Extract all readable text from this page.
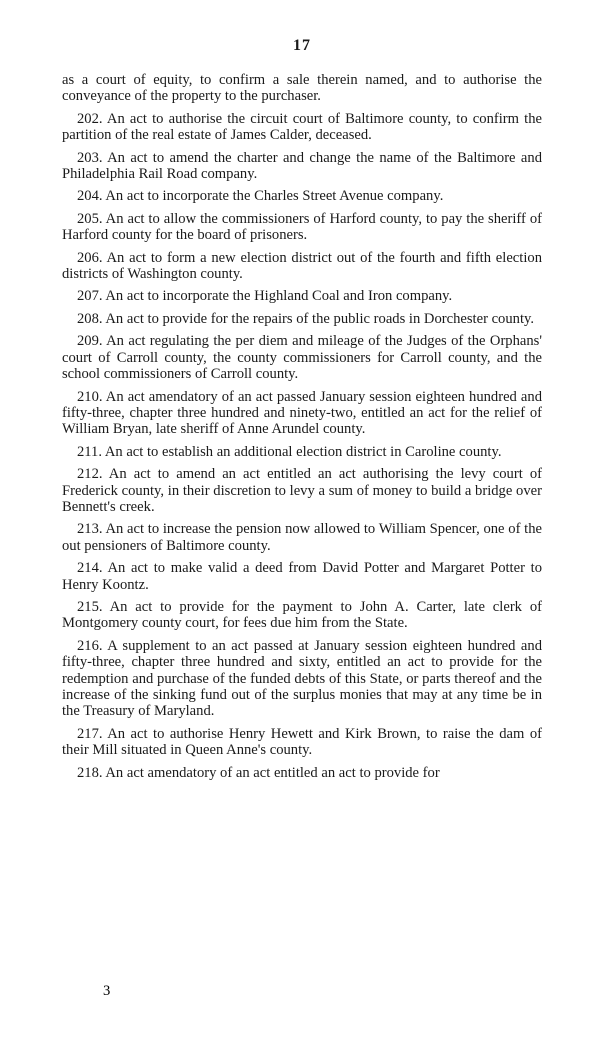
17

as a court of equity, to confirm a sale therein named, and to authorise the conveyance of the property to the purchaser.

202. An act to authorise the circuit court of Baltimore county, to confirm the partition of the real estate of James Calder, deceased.

203. An act to amend the charter and change the name of the Baltimore and Philadelphia Rail Road company.

204. An act to incorporate the Charles Street Avenue company.

205. An act to allow the commissioners of Harford county, to pay the sheriff of Harford county for the board of prisoners.

206. An act to form a new election district out of the fourth and fifth election districts of Washington county.

207. An act to incorporate the Highland Coal and Iron company.

208. An act to provide for the repairs of the public roads in Dorchester county.

209. An act regulating the per diem and mileage of the Judges of the Orphans' court of Carroll county, the county commissioners for Carroll county, and the school commissioners of Carroll county.

210. An act amendatory of an act passed January session eighteen hundred and fifty-three, chapter three hundred and ninety-two, entitled an act for the relief of William Bryan, late sheriff of Anne Arundel county.

211. An act to establish an additional election district in Caroline county.

212. An act to amend an act entitled an act authorising the levy court of Frederick county, in their discretion to levy a sum of money to build a bridge over Bennett's creek.

213. An act to increase the pension now allowed to William Spencer, one of the out pensioners of Baltimore county.

214. An act to make valid a deed from David Potter and Margaret Potter to Henry Koontz.

215. An act to provide for the payment to John A. Carter, late clerk of Montgomery county court, for fees due him from the State.

216. A supplement to an act passed at January session eighteen hundred and fifty-three, chapter three hundred and sixty, entitled an act to provide for the redemption and purchase of the funded debts of this State, or parts thereof and the increase of the sinking fund out of the surplus monies that may at any time be in the Treasury of Maryland.

217. An act to authorise Henry Hewett and Kirk Brown, to raise the dam of their Mill situated in Queen Anne's county.

218. An act amendatory of an act entitled an act to provide for

3
